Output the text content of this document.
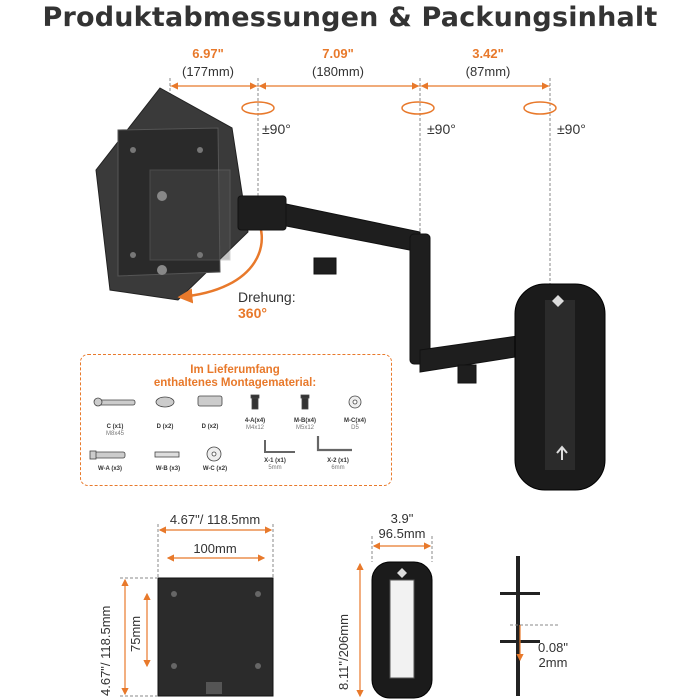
Produktabmessungen & Packungsinhalt
6.97"
(177mm)
7.09"
(180mm)
3.42"
(87mm)
±90°	±90°	±90°
Drehung:
360°
Im Lieferumfang
enthaltenes Montagematerial:
C (x1)
M8x45
D (x2)	D (x2)
4-A(x4)
M4x12
M-B(x4)
M5x12
M-C(x4)
D5
W-A (x3)	W-B (x3)	W-C (x2)
X-1 (x1)
5mm
X-2 (x1)
6mm
4.67"/ 118.5mm
100mm
4.67"/ 118.5mm 75mm
3.9"
96.5mm
8.11"/206mm	0.08"
2mm
